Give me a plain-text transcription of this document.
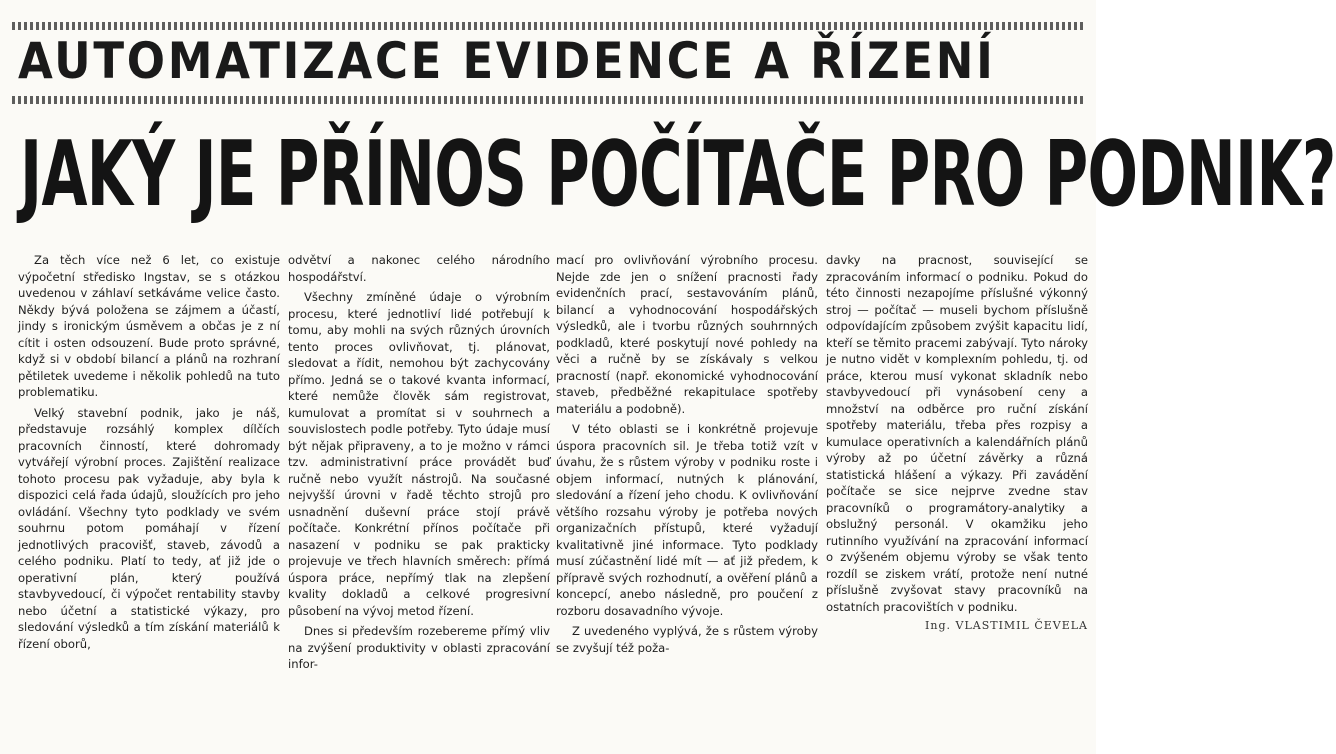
AUTOMATIZACE EVIDENCE A ŘÍZENÍ
JAKÝ JE PŘÍNOS POČÍTAČE PRO PODNIK?

Za těch více než 6 let, co existuje výpočetní středisko Ingstav, se s otázkou uvedenou v záhlaví setkáváme velice často. Někdy bývá položena se zájmem a účastí, jindy s ironickým úsměvem a občas je z ní cítit i osten odsouzení. Bude proto správné, když si v období bilancí a plánů na rozhraní pětiletek uvedeme i několik pohledů na tuto problematiku.

Velký stavební podnik, jako je náš, představuje rozsáhlý komplex dílčích pracovních činností, které dohromady vytvářejí výrobní proces. Zajištění realizace tohoto procesu pak vyžaduje, aby byla k dispozici celá řada údajů, sloužících pro jeho ovládání. Všechny tyto podklady ve svém souhrnu potom pomáhají v řízení jednotlivých pracovišť, staveb, závodů a celého podniku. Platí to tedy, ať již jde o operativní plán, který používá stavbyvedoucí, či výpočet rentability stavby nebo účetní a statistické výkazy, pro sledování výsledků a tím získání materiálů k řízení oborů,

odvětví a nakonec celého národního hospodářství.

Všechny zmíněné údaje o výrobním procesu, které jednotliví lidé potřebují k tomu, aby mohli na svých různých úrovních tento proces ovlivňovat, tj. plánovat, sledovat a řídit, nemohou být zachycovány přímo. Jedná se o takové kvanta informací, které nemůže člověk sám registrovat, kumulovat a promítat si v souhrnech a souvislostech podle potřeby. Tyto údaje musí být nějak připraveny, a to je možno v rámci tzv. administrativní práce provádět buď ručně nebo využít nástrojů. Na současné nejvyšší úrovni v řadě těchto strojů pro usnadnění duševní práce stojí právě počítače. Konkrétní přínos počítače při nasazení v podniku se pak prakticky projevuje ve třech hlavních směrech: přímá úspora práce, nepřímý tlak na zlepšení kvality dokladů a celkové progresivní působení na vývoj metod řízení.

Dnes si především rozebereme přímý vliv na zvýšení produktivity v oblasti zpracování infor-

mací pro ovlivňování výrobního procesu. Nejde zde jen o snížení pracnosti řady evidenčních prací, sestavováním plánů, bilancí a vyhodnocování hospodářských výsledků, ale i tvorbu různých souhrnných podkladů, které poskytují nové pohledy na věci a ručně by se získávaly s velkou pracností (např. ekonomické vyhodnocování staveb, předběžné rekapitulace spotřeby materiálu a podobně).

V této oblasti se i konkrétně projevuje úspora pracovních sil. Je třeba totiž vzít v úvahu, že s růstem výroby v podniku roste i objem informací, nutných k plánování, sledování a řízení jeho chodu. K ovlivňování většího rozsahu výroby je potřeba nových organizačních přístupů, které vyžadují kvalitativně jiné informace. Tyto podklady musí zúčastnění lidé mít — ať již předem, k přípravě svých rozhodnutí, a ověření plánů a koncepcí, anebo následně, pro poučení z rozboru dosavadního vývoje.

Z uvedeného vyplývá, že s růstem výroby se zvyšují též poža-

davky na pracnost, související se zpracováním informací o podniku. Pokud do této činnosti nezapojíme příslušné výkonný stroj — počítač — museli bychom příslušně odpovídajícím způsobem zvýšit kapacitu lidí, kteří se těmito pracemi zabývají. Tyto nároky je nutno vidět v komplexním pohledu, tj. od práce, kterou musí vykonat skladník nebo stavbyvedoucí při vynásobení ceny a množství na odběrce pro ruční získání spotřeby materiálu, třeba přes rozpisy a kumulace operativních a kalendářních plánů výroby až po účetní závěrky a různá statistická hlášení a výkazy. Při zavádění počítače se sice nejprve zvedne stav pracovníků o programátory-analytiky a obslužný personál. V okamžiku jeho rutinního využívání na zpracování informací o zvýšeném objemu výroby se však tento rozdíl se ziskem vrátí, protože není nutné příslušně zvyšovat stavy pracovníků na ostatních pracovištích v podniku.

Ing. VLASTIMIL ČEVELA
